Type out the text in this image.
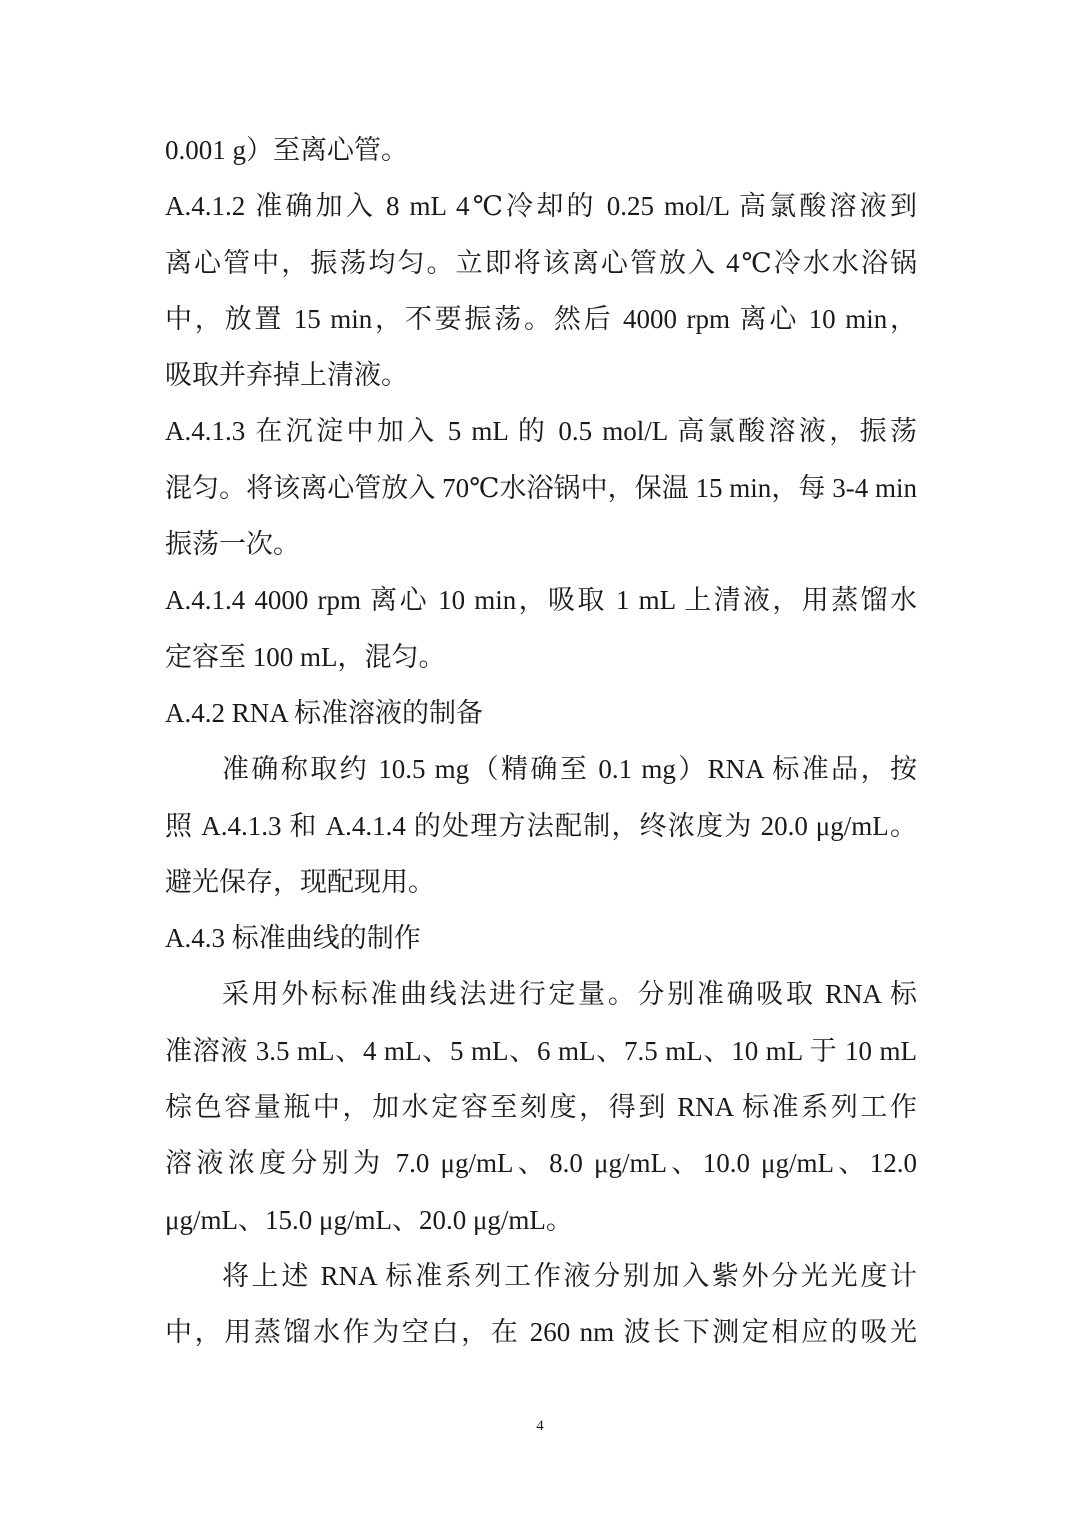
0.001 g）至离心管。
A.4.1.2 准确加入 8 mL 4℃冷却的 0.25 mol/L 高氯酸溶液到
离心管中，振荡均匀。立即将该离心管放入 4℃冷水水浴锅
中，放置 15 min，不要振荡。然后 4000 rpm 离心 10 min，
吸取并弃掉上清液。
A.4.1.3 在沉淀中加入 5 mL 的 0.5 mol/L 高氯酸溶液，振荡
混匀。将该离心管放入 70℃水浴锅中，保温 15 min，每 3-4 min
振荡一次。
A.4.1.4 4000 rpm 离心 10 min，吸取 1 mL 上清液，用蒸馏水
定容至 100 mL，混匀。
A.4.2 RNA 标准溶液的制备
准确称取约 10.5 mg（精确至 0.1 mg）RNA 标准品，按
照 A.4.1.3 和 A.4.1.4 的处理方法配制，终浓度为 20.0 μg/mL。
避光保存，现配现用。
A.4.3 标准曲线的制作
采用外标标准曲线法进行定量。分别准确吸取 RNA 标
准溶液 3.5 mL、4 mL、5 mL、6 mL、7.5 mL、10 mL 于 10 mL
棕色容量瓶中，加水定容至刻度，得到 RNA 标准系列工作
溶液浓度分别为 7.0 μg/mL、8.0 μg/mL、10.0 μg/mL、12.0
μg/mL、15.0 μg/mL、20.0 μg/mL。
将上述 RNA 标准系列工作液分别加入紫外分光光度计
中，用蒸馏水作为空白，在 260 nm 波长下测定相应的吸光
4
